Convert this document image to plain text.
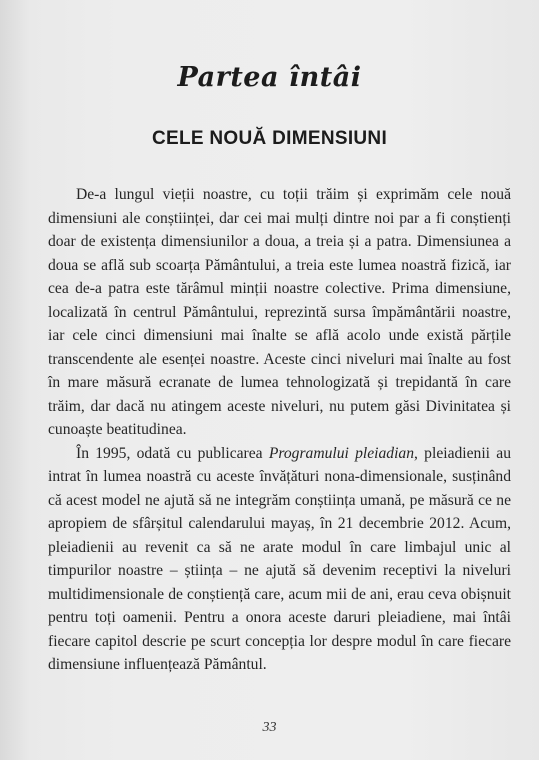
Partea întâi
CELE NOUĂ DIMENSIUNI

De-a lungul vieții noastre, cu toții trăim și exprimăm cele nouă dimensiuni ale conștiinței, dar cei mai mulți dintre noi par a fi conștienți doar de existența dimensiunilor a doua, a treia și a patra. Dimensiunea a doua se află sub scoarța Pământului, a treia este lumea noastră fizică, iar cea de-a patra este tărâmul minții noastre colective. Prima dimensiune, localizată în centrul Pământului, reprezintă sursa împământării noastre, iar cele cinci dimensiuni mai înalte se află acolo unde există părțile transcendente ale esenței noastre. Aceste cinci niveluri mai înalte au fost în mare măsură ecranate de lumea tehnologizată și trepidantă în care trăim, dar dacă nu atingem aceste niveluri, nu putem găsi Divinitatea și cunoaște beatitudinea.

În 1995, odată cu publicarea Programului pleiadian, pleiadienii au intrat în lumea noastră cu aceste învățături nona-dimensionale, susținând că acest model ne ajută să ne integrăm conștiința umană, pe măsură ce ne apropiem de sfârșitul calendarului mayaș, în 21 decembrie 2012. Acum, pleiadienii au revenit ca să ne arate modul în care limbajul unic al timpurilor noastre – știința – ne ajută să devenim receptivi la niveluri multidimensionale de conștiență care, acum mii de ani, erau ceva obișnuit pentru toți oamenii. Pentru a onora aceste daruri pleiadiene, mai întâi fiecare capitol descrie pe scurt concepția lor despre modul în care fiecare dimensiune influențează Pământul.

33
